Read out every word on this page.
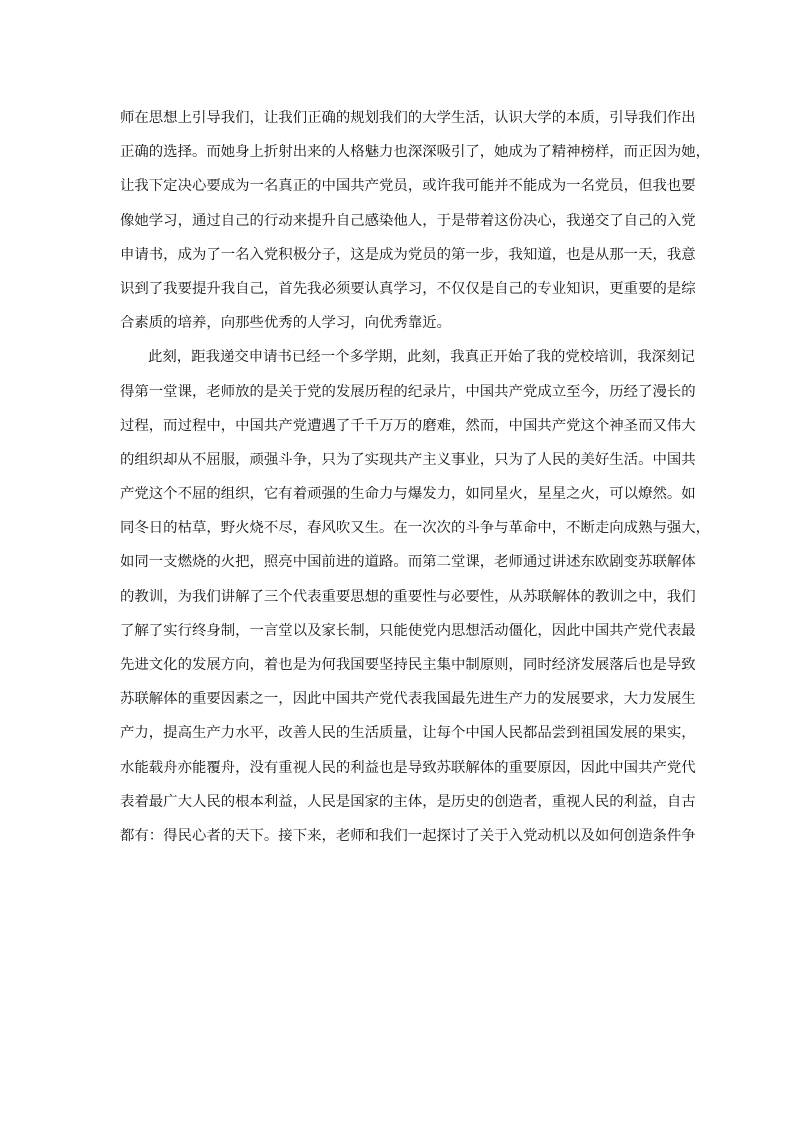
师在思想上引导我们，让我们正确的规划我们的大学生活，认识大学的本质，引导我们作出
正确的选择。而她身上折射出来的人格魅力也深深吸引了，她成为了精神榜样，而正因为她，
让我下定决心要成为一名真正的中国共产党员，或许我可能并不能成为一名党员，但我也要
像她学习，通过自己的行动来提升自己感染他人，于是带着这份决心，我递交了自己的入党
申请书，成为了一名入党积极分子，这是成为党员的第一步，我知道，也是从那一天，我意
识到了我要提升我自己，首先我必须要认真学习，不仅仅是自己的专业知识，更重要的是综
合素质的培养，向那些优秀的人学习，向优秀靠近。
此刻，距我递交申请书已经一个多学期，此刻，我真正开始了我的党校培训，我深刻记
得第一堂课，老师放的是关于党的发展历程的纪录片，中国共产党成立至今，历经了漫长的
过程，而过程中，中国共产党遭遇了千千万万的磨难，然而，中国共产党这个神圣而又伟大
的组织却从不屈服，顽强斗争，只为了实现共产主义事业，只为了人民的美好生活。中国共
产党这个不屈的组织，它有着顽强的生命力与爆发力，如同星火，星星之火，可以燎然。如
同冬日的枯草，野火烧不尽，春风吹又生。在一次次的斗争与革命中，不断走向成熟与强大，
如同一支燃烧的火把，照亮中国前进的道路。而第二堂课，老师通过讲述东欧剧变苏联解体
的教训，为我们讲解了三个代表重要思想的重要性与必要性，从苏联解体的教训之中，我们
了解了实行终身制，一言堂以及家长制，只能使党内思想活动僵化，因此中国共产党代表最
先进文化的发展方向，着也是为何我国要坚持民主集中制原则，同时经济发展落后也是导致
苏联解体的重要因素之一，因此中国共产党代表我国最先进生产力的发展要求，大力发展生
产力，提高生产力水平，改善人民的生活质量，让每个中国人民都品尝到祖国发展的果实，
水能载舟亦能覆舟，没有重视人民的利益也是导致苏联解体的重要原因，因此中国共产党代
表着最广大人民的根本利益，人民是国家的主体，是历史的创造者，重视人民的利益，自古
都有：得民心者的天下。接下来，老师和我们一起探讨了关于入党动机以及如何创造条件争
